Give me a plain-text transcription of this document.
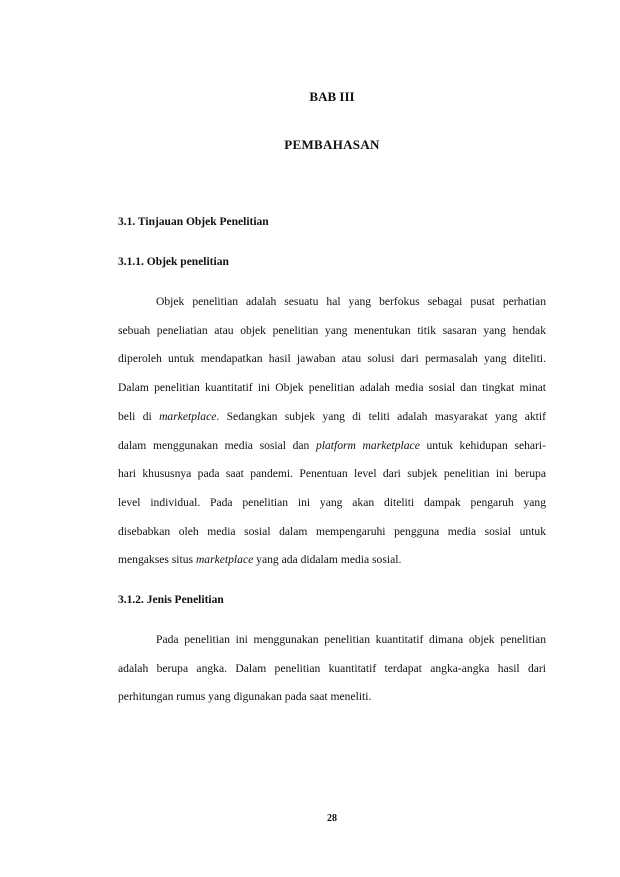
BAB III
PEMBAHASAN
3.1. Tinjauan Objek Penelitian
3.1.1. Objek penelitian
Objek penelitian adalah sesuatu hal yang berfokus sebagai pusat perhatian
sebuah peneliatian atau objek penelitian yang menentukan titik sasaran yang hendak
diperoleh untuk mendapatkan hasil jawaban atau solusi dari permasalah yang diteliti.
Dalam penelitian kuantitatif ini Objek penelitian adalah media sosial dan tingkat minat
beli di marketplace. Sedangkan subjek yang di teliti adalah masyarakat yang aktif
dalam menggunakan media sosial dan platform marketplace untuk kehidupan sehari-
hari khususnya pada saat pandemi. Penentuan level dari subjek penelitian ini berupa
level individual. Pada penelitian ini yang akan diteliti dampak pengaruh yang
disebabkan oleh media sosial dalam mempengaruhi pengguna media sosial untuk
mengakses situs marketplace yang ada didalam media sosial.
3.1.2. Jenis Penelitian
Pada penelitian ini menggunakan penelitian kuantitatif dimana objek penelitian
adalah berupa angka. Dalam penelitian kuantitatif terdapat angka-angka hasil dari
perhitungan rumus yang digunakan pada saat meneliti.

28
